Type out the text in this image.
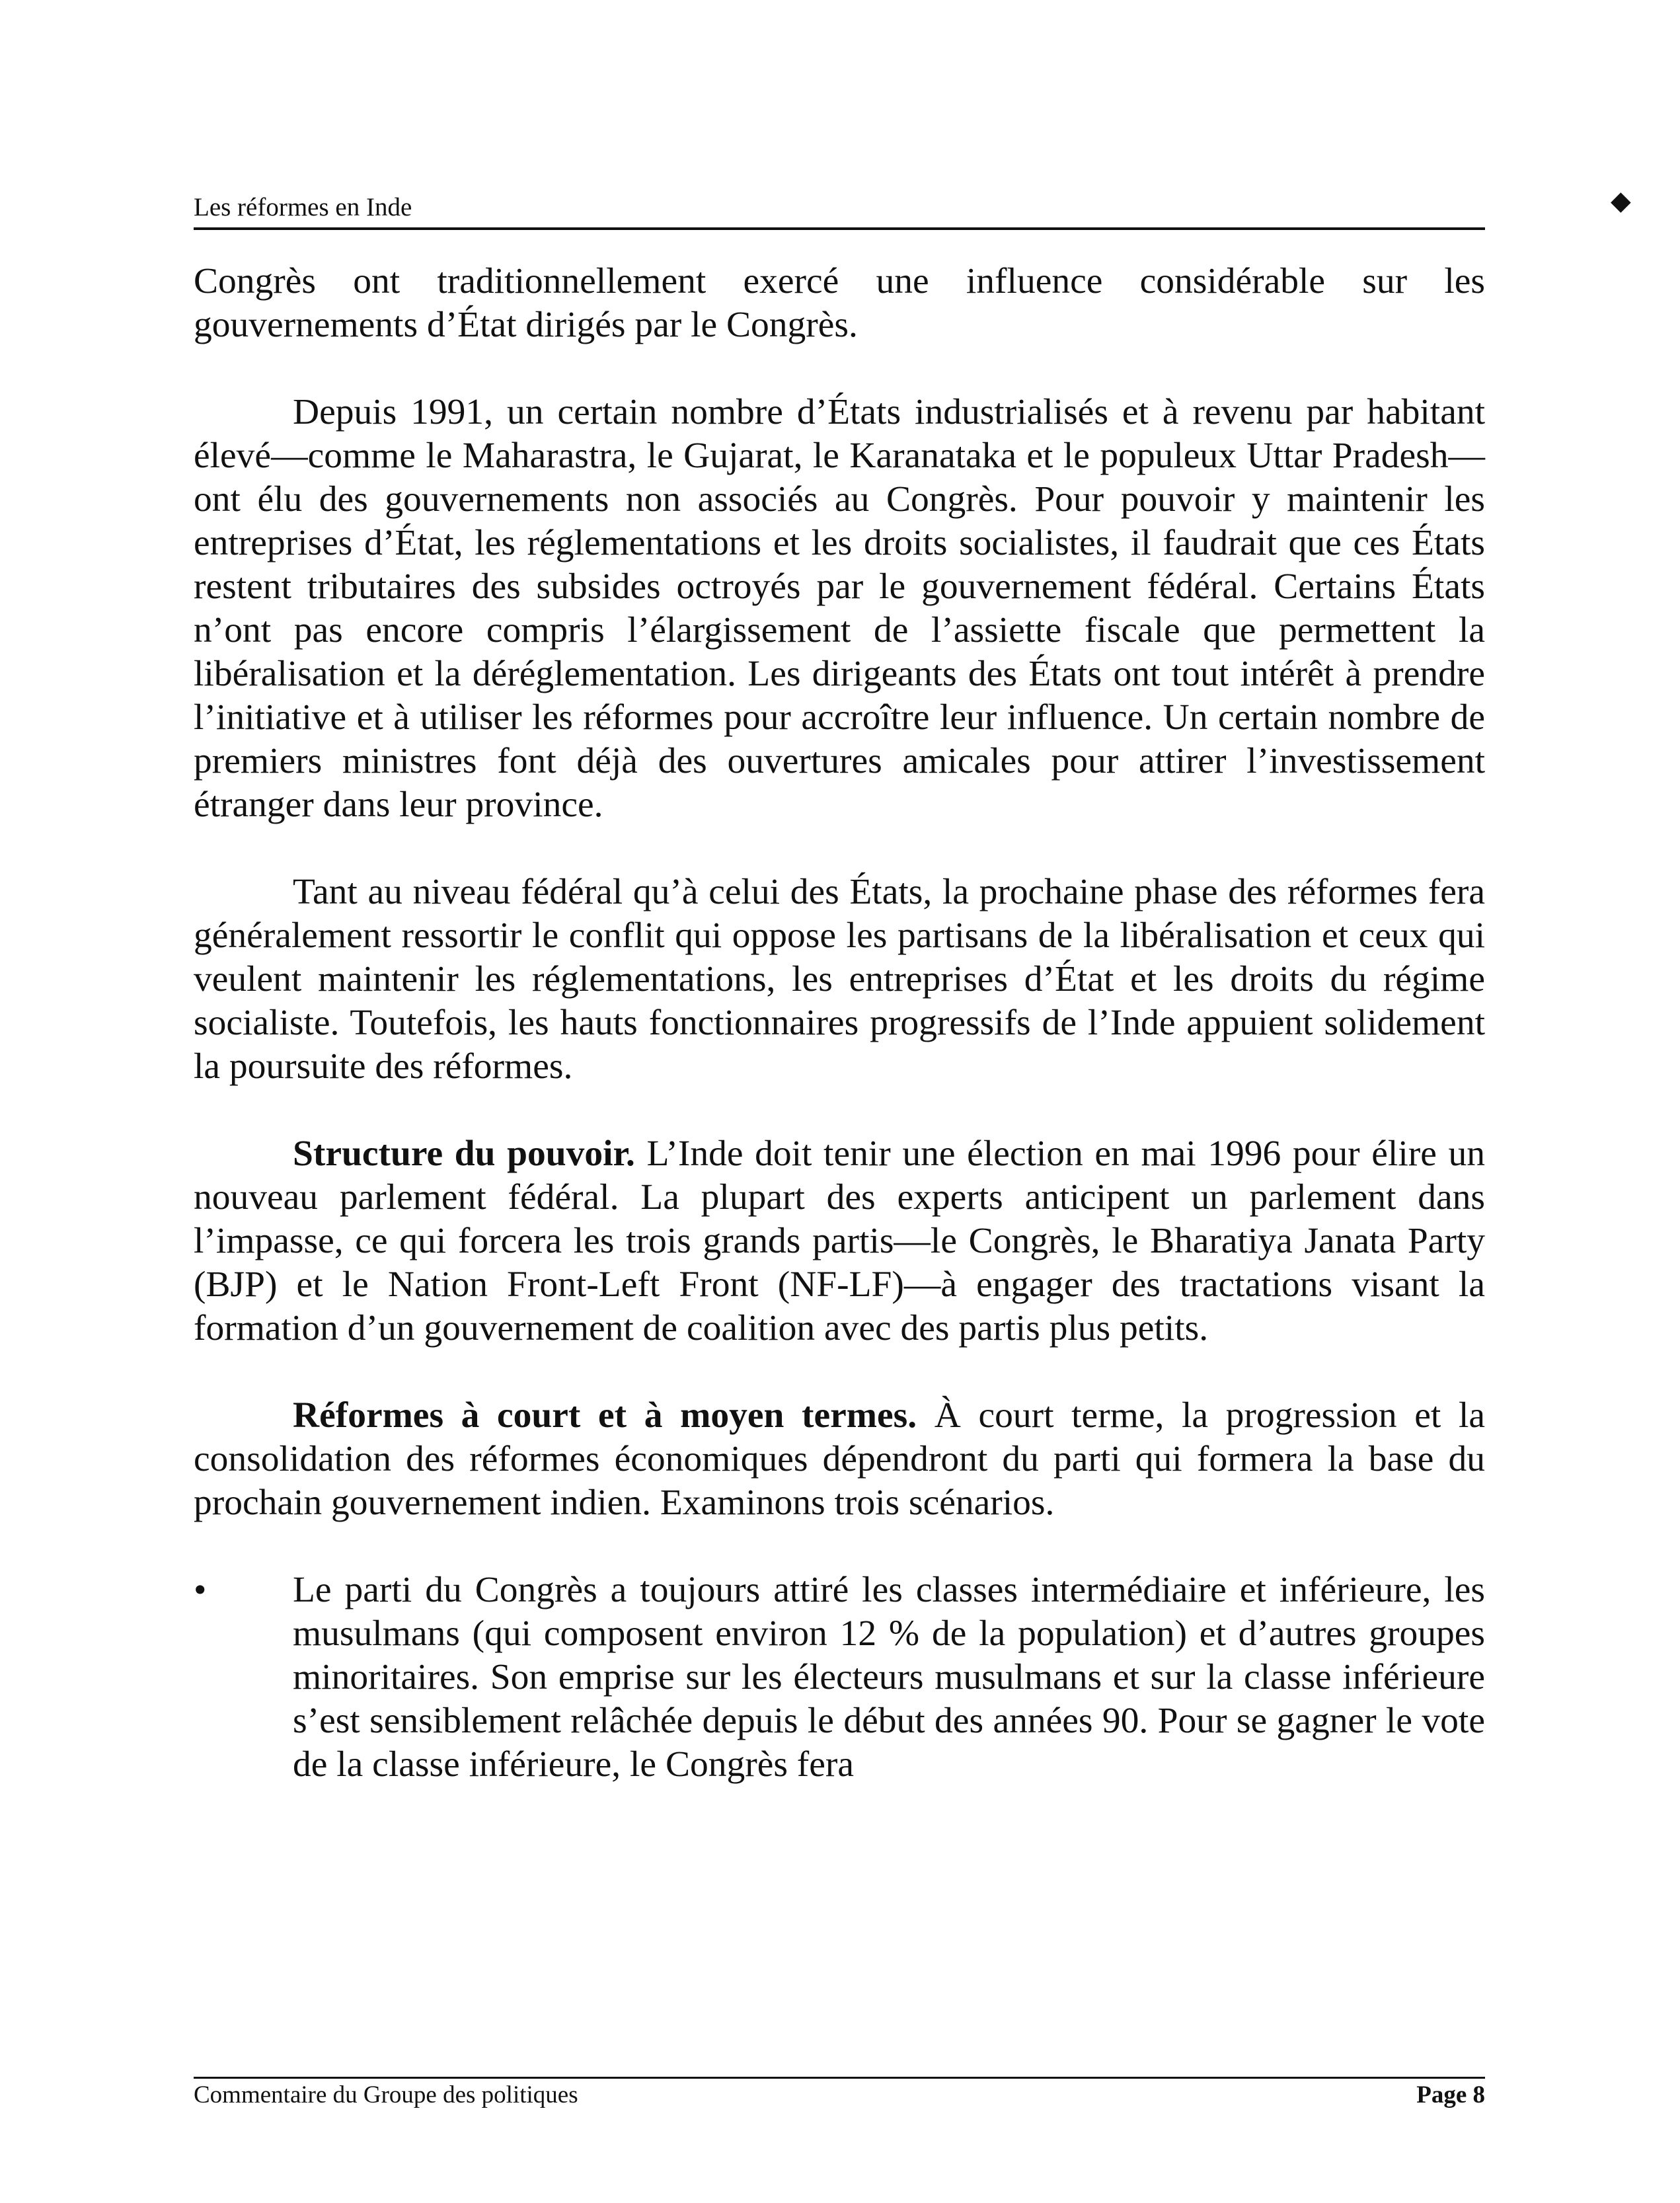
Les réformes en Inde	◆

Congrès ont traditionnellement exercé une influence considérable sur les gouvernements d’État dirigés par le Congrès.

Depuis 1991, un certain nombre d’États industrialisés et à revenu par habitant élevé—comme le Maharastra, le Gujarat, le Karanataka et le populeux Uttar Pradesh—ont élu des gouvernements non associés au Congrès. Pour pouvoir y maintenir les entreprises d’État, les réglementations et les droits socialistes, il faudrait que ces États restent tributaires des subsides octroyés par le gouvernement fédéral. Certains États n’ont pas encore compris l’élargissement de l’assiette fiscale que permettent la libéralisation et la déréglementation. Les dirigeants des États ont tout intérêt à prendre l’initiative et à utiliser les réformes pour accroître leur influence. Un certain nombre de premiers ministres font déjà des ouvertures amicales pour attirer l’investissement étranger dans leur province.

Tant au niveau fédéral qu’à celui des États, la prochaine phase des réformes fera généralement ressortir le conflit qui oppose les partisans de la libéralisation et ceux qui veulent maintenir les réglementations, les entreprises d’État et les droits du régime socialiste. Toutefois, les hauts fonctionnaires progressifs de l’Inde appuient solidement la poursuite des réformes.

Structure du pouvoir. L’Inde doit tenir une élection en mai 1996 pour élire un nouveau parlement fédéral. La plupart des experts anticipent un parlement dans l’impasse, ce qui forcera les trois grands partis—le Congrès, le Bharatiya Janata Party (BJP) et le Nation Front-Left Front (NF-LF)—à engager des tractations visant la formation d’un gouvernement de coalition avec des partis plus petits.

Réformes à court et à moyen termes. À court terme, la progression et la consolidation des réformes économiques dépendront du parti qui formera la base du prochain gouvernement indien. Examinons trois scénarios.

• Le parti du Congrès a toujours attiré les classes intermédiaire et inférieure, les musulmans (qui composent environ 12 % de la population) et d’autres groupes minoritaires. Son emprise sur les électeurs musulmans et sur la classe inférieure s’est sensiblement relâchée depuis le début des années 90. Pour se gagner le vote de la classe inférieure, le Congrès fera
Commentaire du Groupe des politiques	Page 8
